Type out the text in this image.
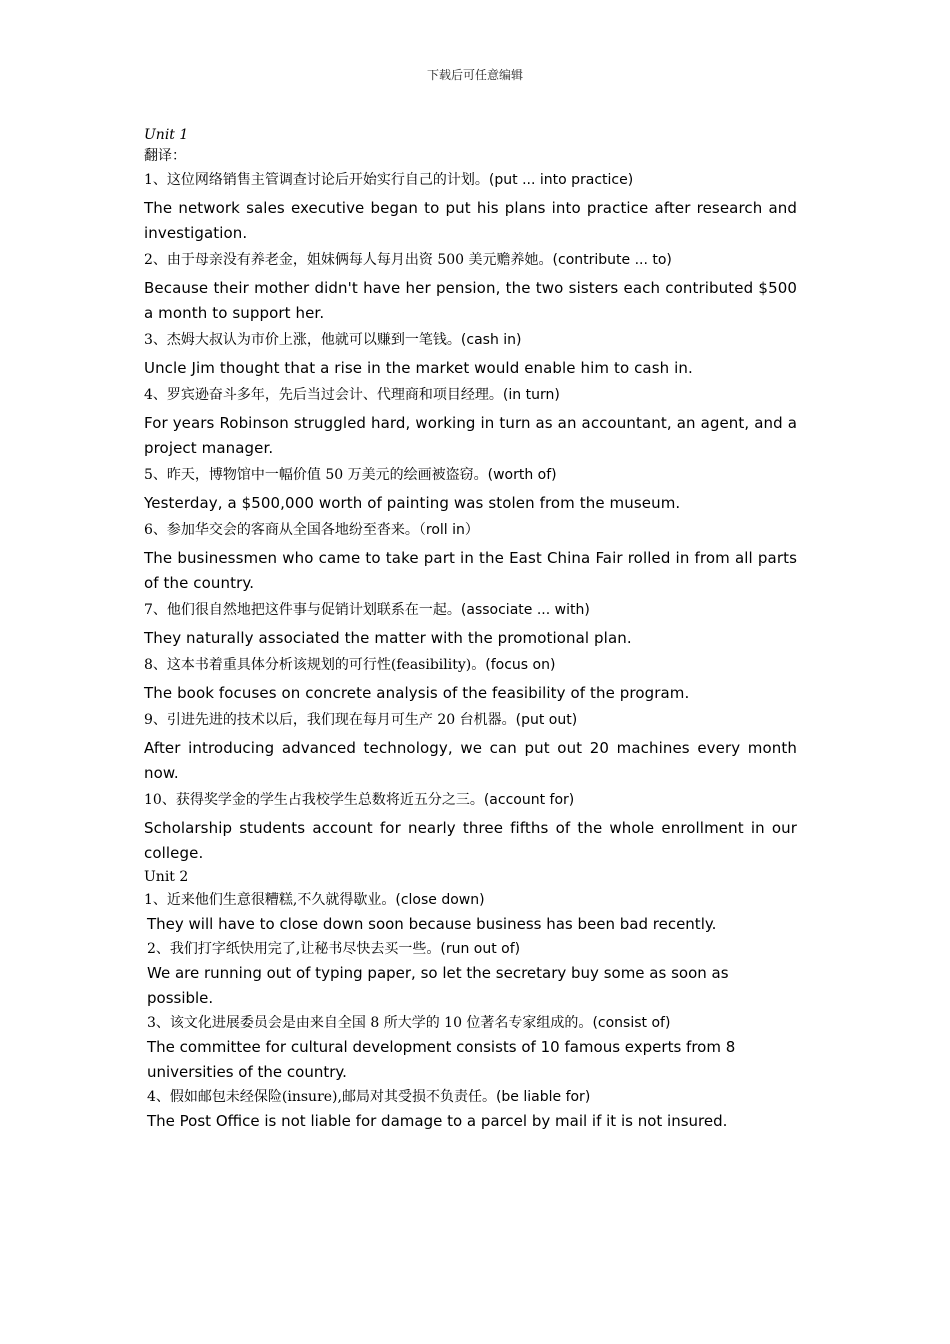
下载后可任意编辑
Unit 1
翻译：
1、这位网络销售主管调查讨论后开始实行自己的计划。(put ... into practice)
The network sales executive began to put his plans into practice after research and investigation.
2、由于母亲没有养老金，姐妹俩每人每月出资 500 美元赡养她。(contribute ... to)
Because their mother didn't have her pension, the two sisters each contributed $500 a month to support her.
3、杰姆大叔认为市价上涨，他就可以赚到一笔钱。(cash in)
Uncle Jim thought that a rise in the market would enable him to cash in.
4、罗宾逊奋斗多年，先后当过会计、代理商和项目经理。(in turn)
For years Robinson struggled hard, working in turn as an accountant, an agent, and a project manager.
5、昨天，博物馆中一幅价值 50 万美元的绘画被盗窃。(worth of)
Yesterday, a $500,000 worth of painting was stolen from the museum.
6、参加华交会的客商从全国各地纷至沓来。（roll in）
The businessmen who came to take part in the East China Fair rolled in from all parts of the country.
7、他们很自然地把这件事与促销计划联系在一起。(associate ... with)
They naturally associated the matter with the promotional plan.
8、这本书着重具体分析该规划的可行性(feasibility)。(focus on)
The book focuses on concrete analysis of the feasibility of the program.
9、引进先进的技术以后，我们现在每月可生产 20 台机器。(put out)
After introducing advanced technology, we can put out 20 machines every month now.
10、获得奖学金的学生占我校学生总数将近五分之三。(account for)
Scholarship students account for nearly three fifths of the whole enrollment in our college.
Unit 2
1、近来他们生意很糟糕,不久就得歇业。(close down)
They will have to close down soon because business has been bad recently.
2、我们打字纸快用完了,让秘书尽快去买一些。(run out of)
We are running out of typing paper, so let the secretary buy some as soon as possible.
3、该文化进展委员会是由来自全国 8 所大学的 10 位著名专家组成的。(consist of)
The committee for cultural development consists of 10 famous experts from 8 universities of the country.
4、假如邮包未经保险(insure),邮局对其受损不负责任。(be liable for)
The Post Office is not liable for damage to a parcel by mail if it is not insured.
